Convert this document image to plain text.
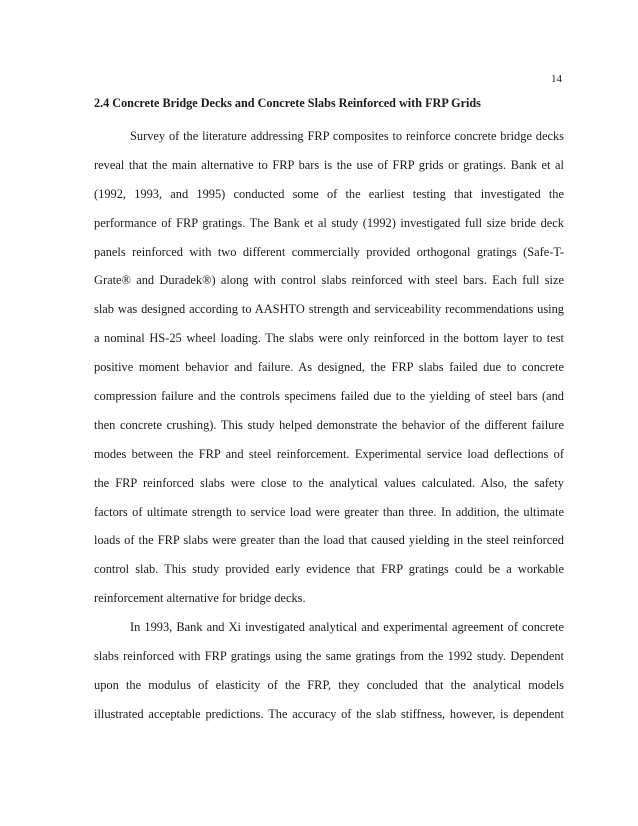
14
2.4 Concrete Bridge Decks and Concrete Slabs Reinforced with FRP Grids
Survey of the literature addressing FRP composites to reinforce concrete bridge decks
reveal that the main alternative to FRP bars is the use of FRP grids or gratings. Bank et al
(1992, 1993, and 1995) conducted some of the earliest testing that investigated the
performance of FRP gratings. The Bank et al study (1992) investigated full size bride deck
panels reinforced with two different commercially provided orthogonal gratings (Safe-T-
Grate® and Duradek®) along with control slabs reinforced with steel bars. Each full size
slab was designed according to AASHTO strength and serviceability recommendations using
a nominal HS-25 wheel loading. The slabs were only reinforced in the bottom layer to test
positive moment behavior and failure. As designed, the FRP slabs failed due to concrete
compression failure and the controls specimens failed due to the yielding of steel bars (and
then concrete crushing). This study helped demonstrate the behavior of the different failure
modes between the FRP and steel reinforcement. Experimental service load deflections of
the FRP reinforced slabs were close to the analytical values calculated. Also, the safety
factors of ultimate strength to service load were greater than three. In addition, the ultimate
loads of the FRP slabs were greater than the load that caused yielding in the steel reinforced
control slab. This study provided early evidence that FRP gratings could be a workable
reinforcement alternative for bridge decks.
In 1993, Bank and Xi investigated analytical and experimental agreement of concrete
slabs reinforced with FRP gratings using the same gratings from the 1992 study. Dependent
upon the modulus of elasticity of the FRP, they concluded that the analytical models
illustrated acceptable predictions. The accuracy of the slab stiffness, however, is dependent
